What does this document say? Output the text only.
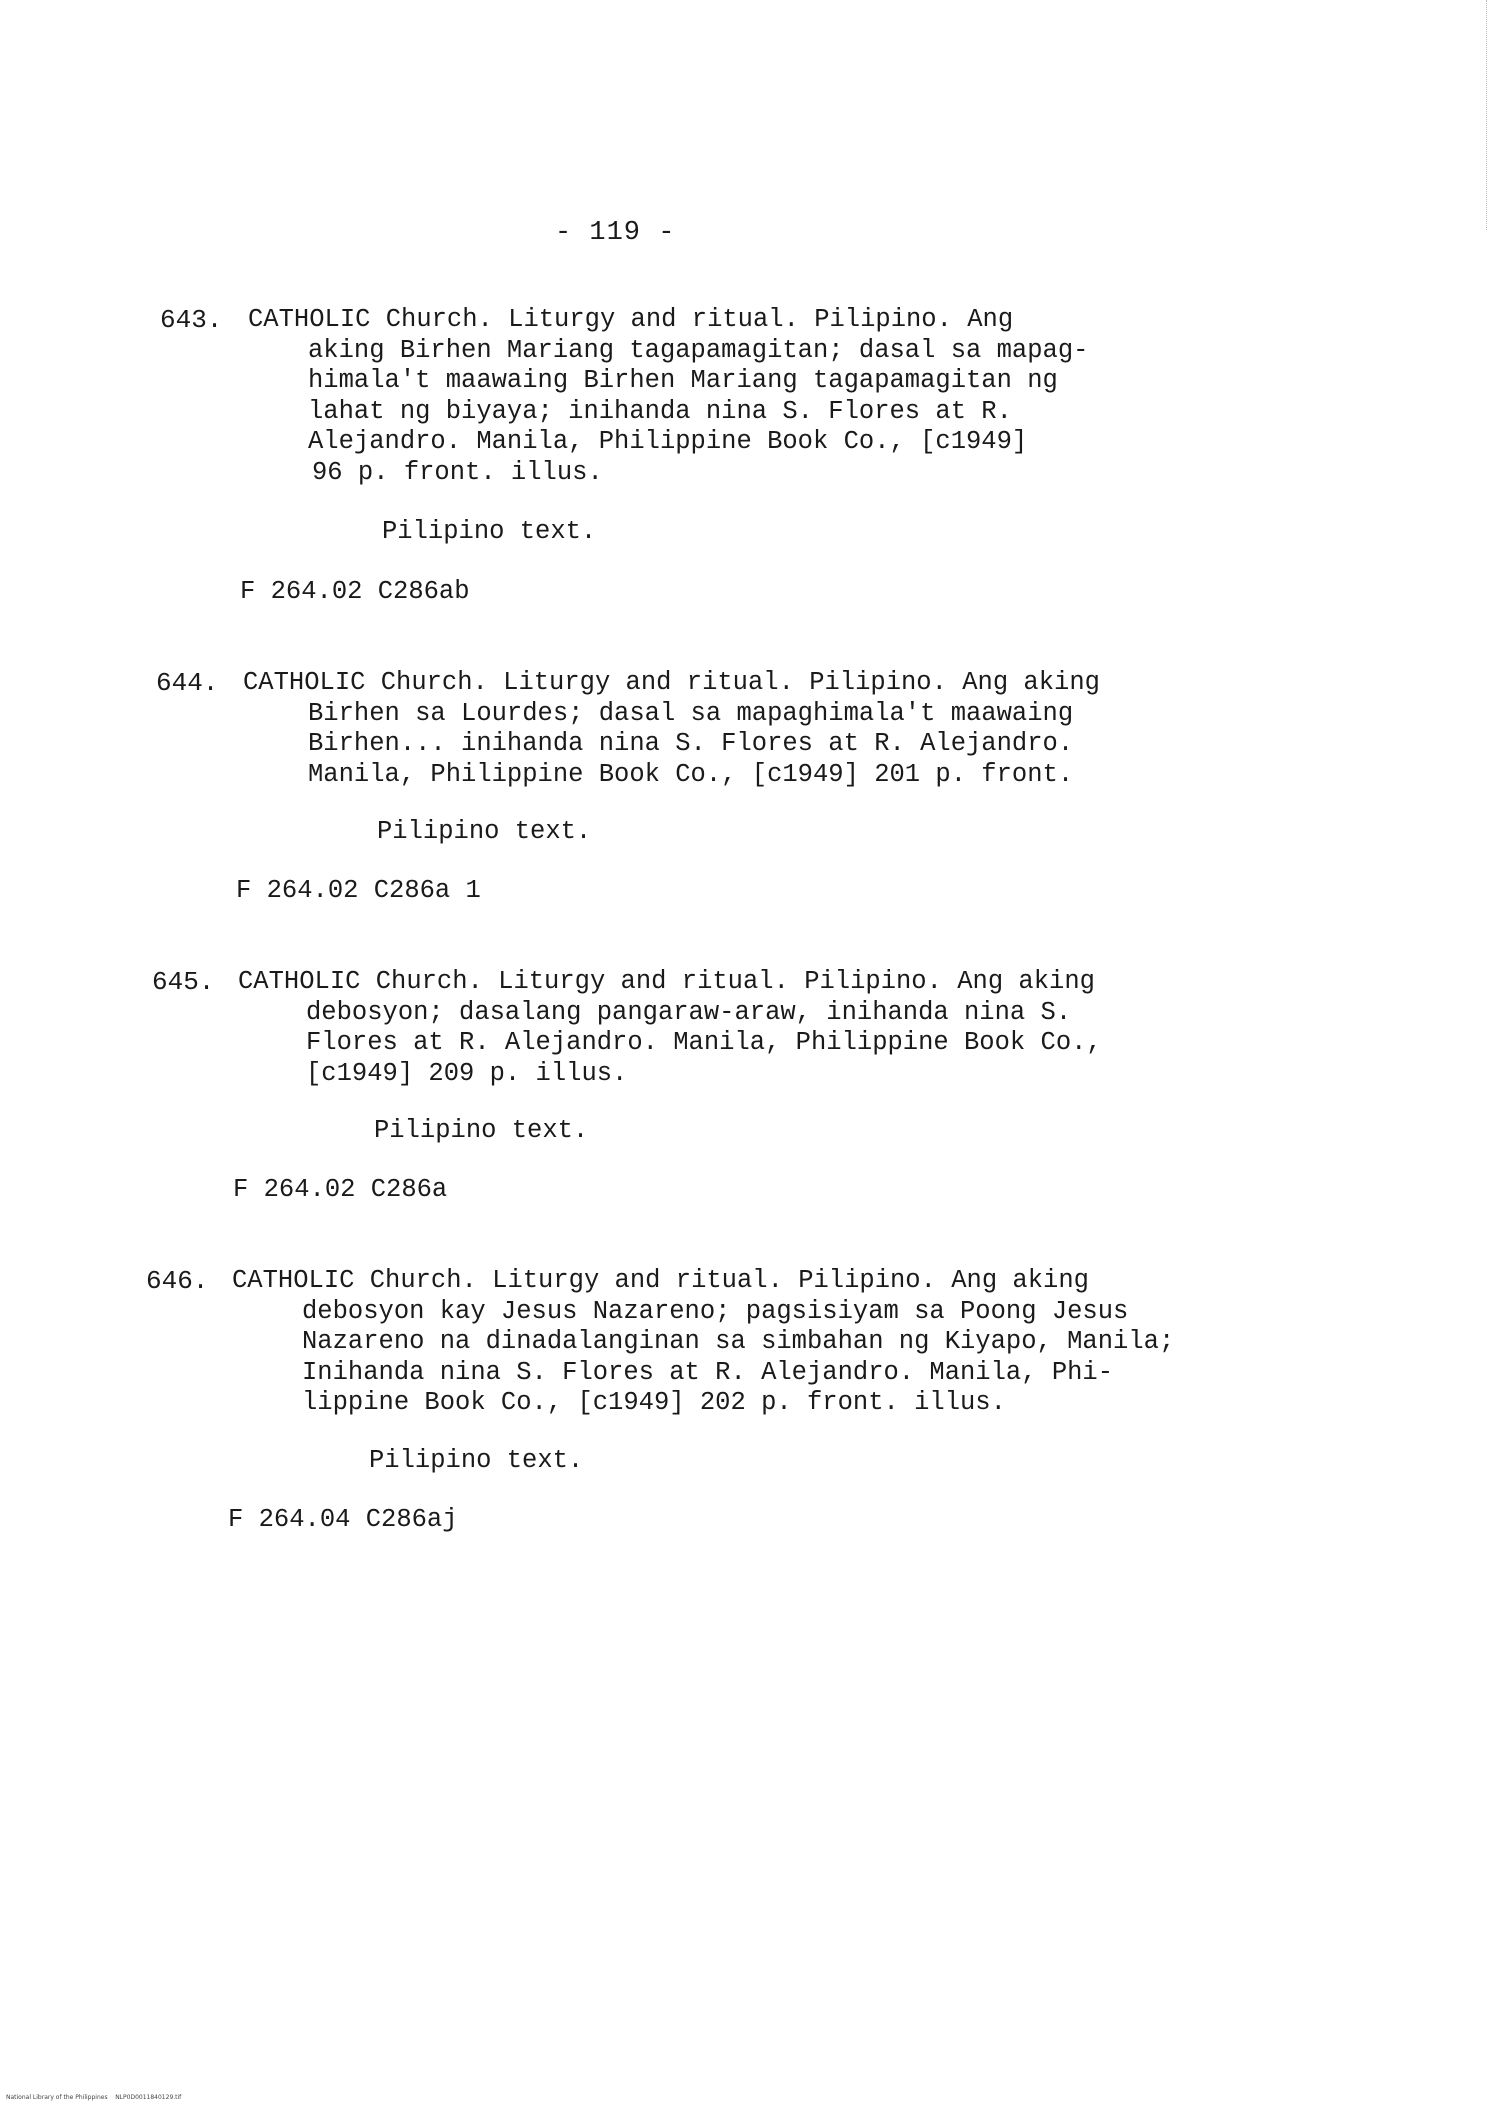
- 119 -
643. CATHOLIC Church. Liturgy and ritual. Pilipino. Ang
aking Birhen Mariang tagapamagitan; dasal sa mapag-
himala't maawaing Birhen Mariang tagapamagitan ng
lahat ng biyaya; inihanda nina S. Flores at R.
Alejandro. Manila, Philippine Book Co., [c1949]
96 p. front. illus.
Pilipino text.
F 264.02 C286ab
644. CATHOLIC Church. Liturgy and ritual. Pilipino. Ang aking
Birhen sa Lourdes; dasal sa mapaghimala't maawaing
Birhen... inihanda nina S. Flores at R. Alejandro.
Manila, Philippine Book Co., [c1949] 201 p. front.
Pilipino text.
F 264.02 C286a 1
645. CATHOLIC Church. Liturgy and ritual. Pilipino. Ang aking
debosyon; dasalang pangaraw-araw, inihanda nina S.
Flores at R. Alejandro. Manila, Philippine Book Co.,
[c1949] 209 p. illus.
Pilipino text.
F 264.02 C286a
646. CATHOLIC Church. Liturgy and ritual. Pilipino. Ang aking
debosyon kay Jesus Nazareno; pagsisiyam sa Poong Jesus
Nazareno na dinadalanginan sa simbahan ng Kiyapo, Manila;
Inihanda nina S. Flores at R. Alejandro. Manila, Phi-
lippine Book Co., [c1949] 202 p. front. illus.
Pilipino text.
F 264.04 C286aj
National Library of the Philippines    NLP0D0011840129.tif
